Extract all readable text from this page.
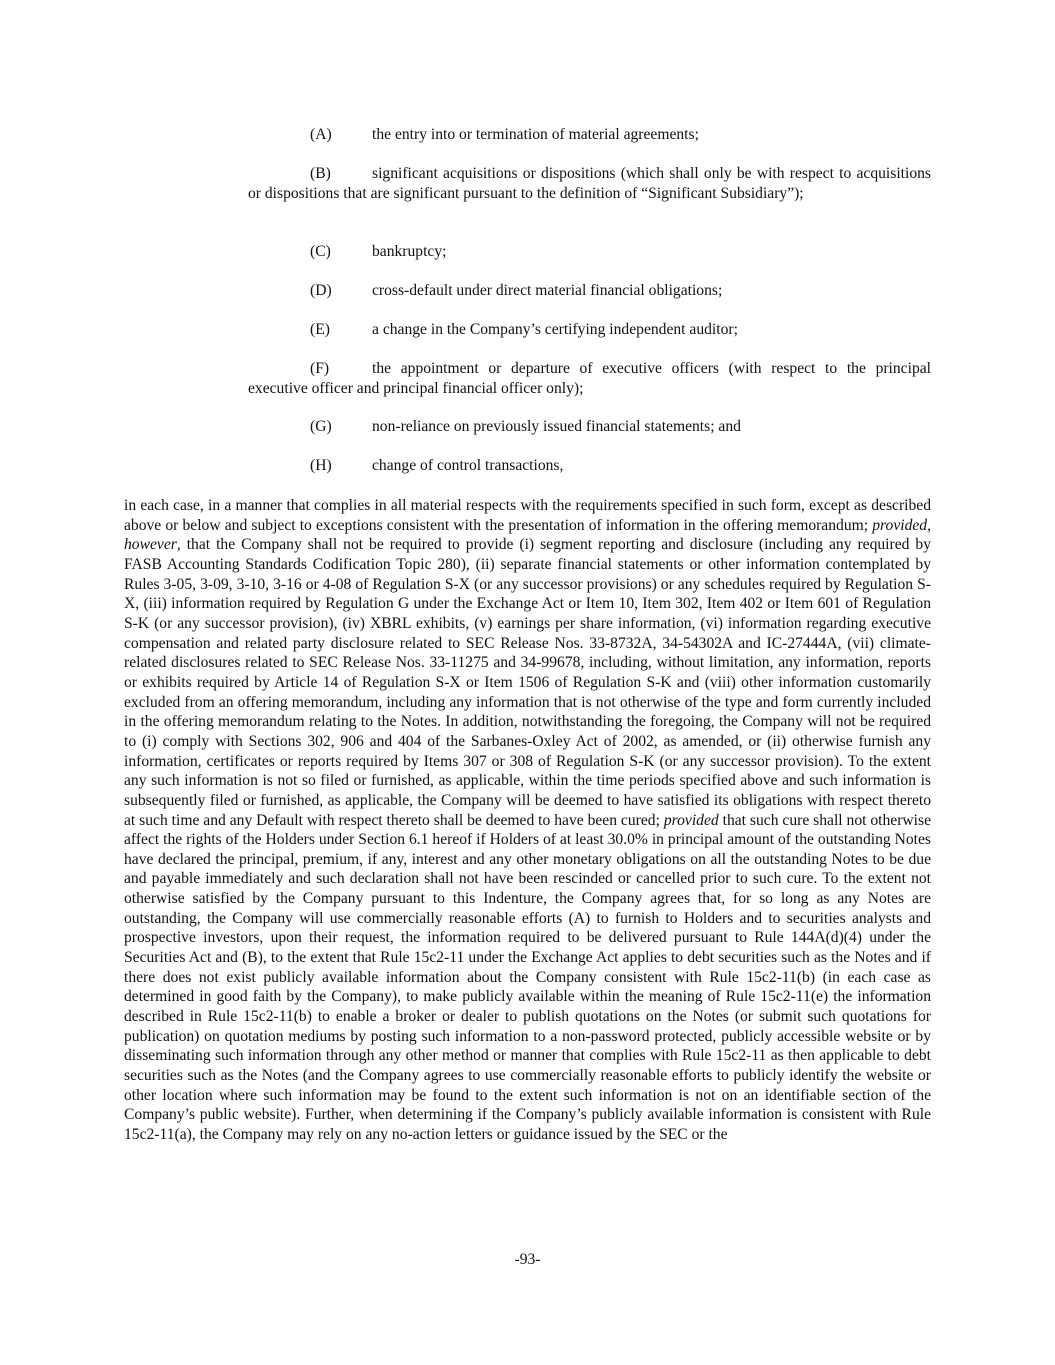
(A)	the entry into or termination of material agreements;
(B)	significant acquisitions or dispositions (which shall only be with respect to acquisitions or dispositions that are significant pursuant to the definition of “Significant Subsidiary”);
(C)	bankruptcy;
(D)	cross-default under direct material financial obligations;
(E)	a change in the Company’s certifying independent auditor;
(F)	the appointment or departure of executive officers (with respect to the principal executive officer and principal financial officer only);
(G)	non-reliance on previously issued financial statements; and
(H)	change of control transactions,
in each case, in a manner that complies in all material respects with the requirements specified in such form, except as described above or below and subject to exceptions consistent with the presentation of information in the offering memorandum; provided, however, that the Company shall not be required to provide (i) segment reporting and disclosure (including any required by FASB Accounting Standards Codification Topic 280), (ii) separate financial statements or other information contemplated by Rules 3-05, 3-09, 3-10, 3-16 or 4-08 of Regulation S-X (or any successor provisions) or any schedules required by Regulation S-X, (iii) information required by Regulation G under the Exchange Act or Item 10, Item 302, Item 402 or Item 601 of Regulation S-K (or any successor provision), (iv) XBRL exhibits, (v) earnings per share information, (vi) information regarding executive compensation and related party disclosure related to SEC Release Nos. 33-8732A, 34-54302A and IC-27444A, (vii) climate-related disclosures related to SEC Release Nos. 33-11275 and 34-99678, including, without limitation, any information, reports or exhibits required by Article 14 of Regulation S-X or Item 1506 of Regulation S-K and (viii) other information customarily excluded from an offering memorandum, including any information that is not otherwise of the type and form currently included in the offering memorandum relating to the Notes. In addition, notwithstanding the foregoing, the Company will not be required to (i) comply with Sections 302, 906 and 404 of the Sarbanes-Oxley Act of 2002, as amended, or (ii) otherwise furnish any information, certificates or reports required by Items 307 or 308 of Regulation S-K (or any successor provision). To the extent any such information is not so filed or furnished, as applicable, within the time periods specified above and such information is subsequently filed or furnished, as applicable, the Company will be deemed to have satisfied its obligations with respect thereto at such time and any Default with respect thereto shall be deemed to have been cured; provided that such cure shall not otherwise affect the rights of the Holders under Section 6.1 hereof if Holders of at least 30.0% in principal amount of the outstanding Notes have declared the principal, premium, if any, interest and any other monetary obligations on all the outstanding Notes to be due and payable immediately and such declaration shall not have been rescinded or cancelled prior to such cure. To the extent not otherwise satisfied by the Company pursuant to this Indenture, the Company agrees that, for so long as any Notes are outstanding, the Company will use commercially reasonable efforts (A) to furnish to Holders and to securities analysts and prospective investors, upon their request, the information required to be delivered pursuant to Rule 144A(d)(4) under the Securities Act and (B), to the extent that Rule 15c2-11 under the Exchange Act applies to debt securities such as the Notes and if there does not exist publicly available information about the Company consistent with Rule 15c2-11(b) (in each case as determined in good faith by the Company), to make publicly available within the meaning of Rule 15c2-11(e) the information described in Rule 15c2-11(b) to enable a broker or dealer to publish quotations on the Notes (or submit such quotations for publication) on quotation mediums by posting such information to a non-password protected, publicly accessible website or by disseminating such information through any other method or manner that complies with Rule 15c2-11 as then applicable to debt securities such as the Notes (and the Company agrees to use commercially reasonable efforts to publicly identify the website or other location where such information may be found to the extent such information is not on an identifiable section of the Company’s public website). Further, when determining if the Company’s publicly available information is consistent with Rule 15c2-11(a), the Company may rely on any no-action letters or guidance issued by the SEC or the
-93-
